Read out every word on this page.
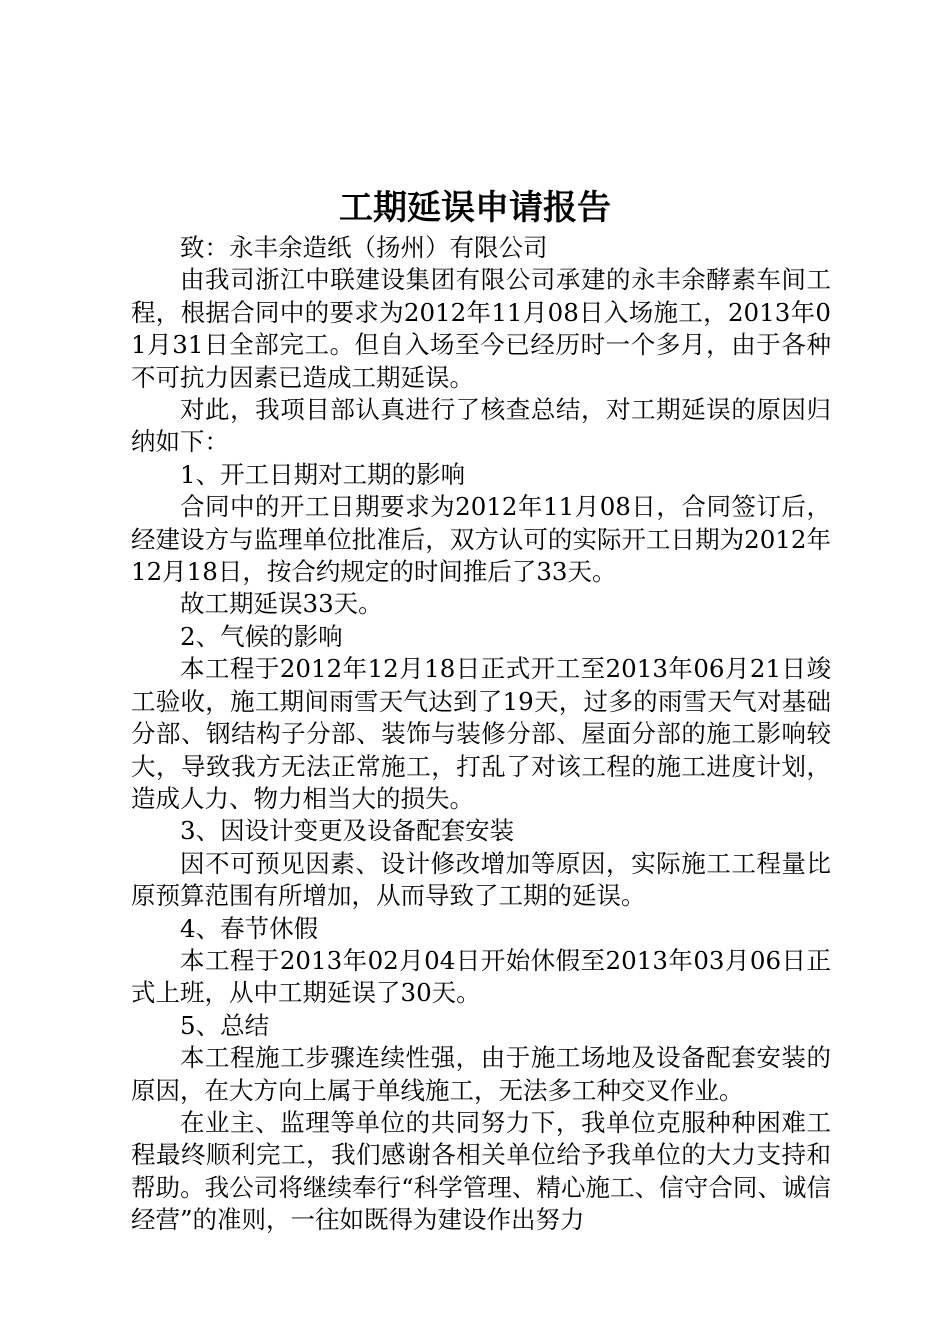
工期延误申请报告

致：永丰余造纸（扬州）有限公司

由我司浙江中联建设集团有限公司承建的永丰余酵素车间工程，根据合同中的要求为2012年11月08日入场施工，2013年01月31日全部完工。但自入场至今已经历时一个多月，由于各种不可抗力因素已造成工期延误。

对此，我项目部认真进行了核查总结，对工期延误的原因归纳如下：

1、开工日期对工期的影响

合同中的开工日期要求为2012年11月08日，合同签订后，经建设方与监理单位批准后，双方认可的实际开工日期为2012年12月18日，按合约规定的时间推后了33天。

故工期延误33天。

2、气候的影响

本工程于2012年12月18日正式开工至2013年06月21日竣工验收，施工期间雨雪天气达到了19天，过多的雨雪天气对基础分部、钢结构子分部、装饰与装修分部、屋面分部的施工影响较大，导致我方无法正常施工，打乱了对该工程的施工进度计划，造成人力、物力相当大的损失。

3、因设计变更及设备配套安装

因不可预见因素、设计修改增加等原因，实际施工工程量比原预算范围有所增加，从而导致了工期的延误。

4、春节休假

本工程于2013年02月04日开始休假至2013年03月06日正式上班，从中工期延误了30天。

5、总结

本工程施工步骤连续性强，由于施工场地及设备配套安装的原因，在大方向上属于单线施工，无法多工种交叉作业。

在业主、监理等单位的共同努力下，我单位克服种种困难工程最终顺利完工，我们感谢各相关单位给予我单位的大力支持和帮助。我公司将继续奉行“科学管理、精心施工、信守合同、诚信经营”的准则，一往如既得为建设作出努力
